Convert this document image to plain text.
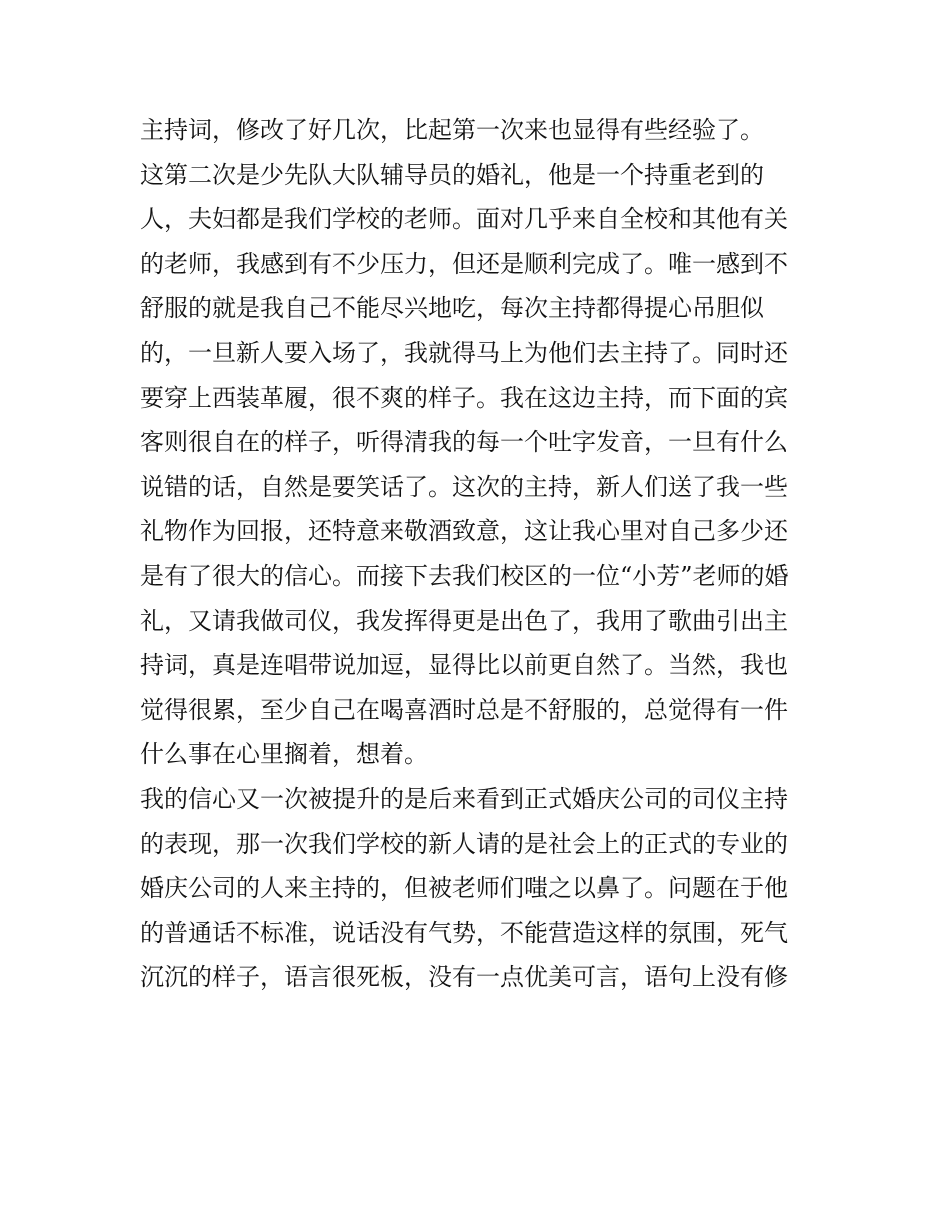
主持词，修改了好几次，比起第一次来也显得有些经验了。
这第二次是少先队大队辅导员的婚礼，他是一个持重老到的
人，夫妇都是我们学校的老师。面对几乎来自全校和其他有关
的老师，我感到有不少压力，但还是顺利完成了。唯一感到不
舒服的就是我自己不能尽兴地吃，每次主持都得提心吊胆似
的，一旦新人要入场了，我就得马上为他们去主持了。同时还
要穿上西装革履，很不爽的样子。我在这边主持，而下面的宾
客则很自在的样子，听得清我的每一个吐字发音，一旦有什么
说错的话，自然是要笑话了。这次的主持，新人们送了我一些
礼物作为回报，还特意来敬酒致意，这让我心里对自己多少还
是有了很大的信心。而接下去我们校区的一位“小芳”老师的婚
礼，又请我做司仪，我发挥得更是出色了，我用了歌曲引出主
持词，真是连唱带说加逗，显得比以前更自然了。当然，我也
觉得很累，至少自己在喝喜酒时总是不舒服的，总觉得有一件
什么事在心里搁着，想着。
我的信心又一次被提升的是后来看到正式婚庆公司的司仪主持
的表现，那一次我们学校的新人请的是社会上的正式的专业的
婚庆公司的人来主持的，但被老师们嗤之以鼻了。问题在于他
的普通话不标准，说话没有气势，不能营造这样的氛围，死气
沉沉的样子，语言很死板，没有一点优美可言，语句上没有修
